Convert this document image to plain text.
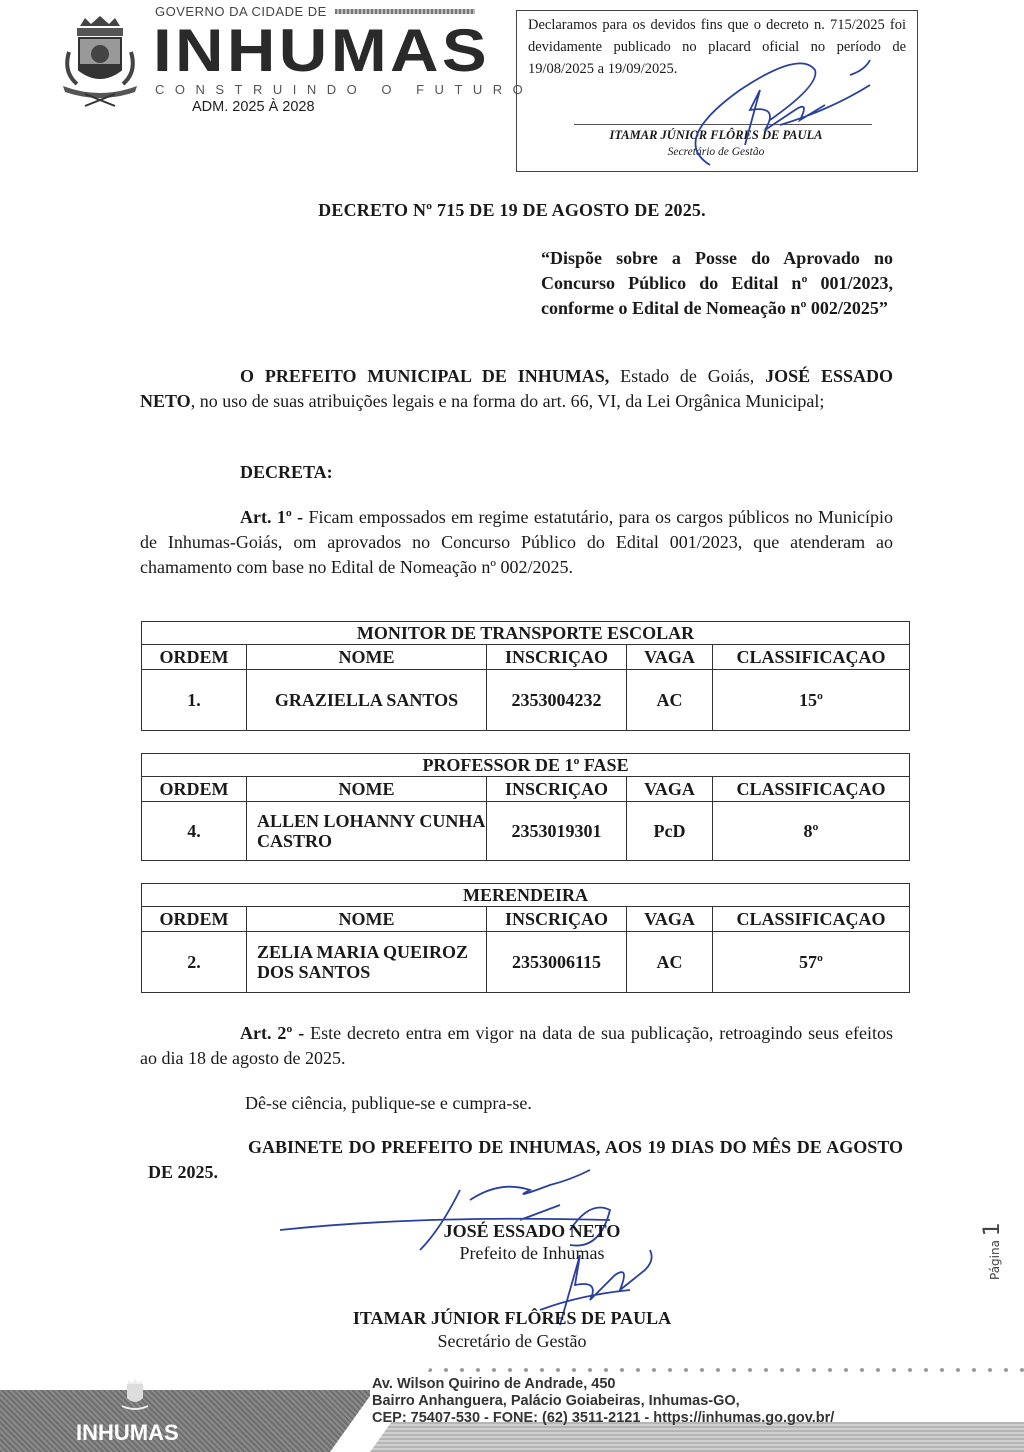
GOVERNO DA CIDADE DE
INHUMAS
CONSTRUINDO O FUTURO
ADM. 2025 À 2028
Declaramos para os devidos fins que o decreto n. 715/2025 foi devidamente publicado no placard oficial no período de 19/08/2025 a 19/09/2025.
ITAMAR JÚNIOR FLÔRES DE PAULA
Secretário de Gestão
DECRETO Nº 715 DE 19 DE AGOSTO DE 2025.
“Dispõe sobre a Posse do Aprovado no Concurso Público do Edital nº 001/2023, conforme o Edital de Nomeação nº 002/2025”
O PREFEITO MUNICIPAL DE INHUMAS, Estado de Goiás, JOSÉ ESSADO NETO, no uso de suas atribuições legais e na forma do art. 66, VI, da Lei Orgânica Municipal;
DECRETA:
Art. 1º - Ficam empossados em regime estatutário, para os cargos públicos no Município de Inhumas-Goiás, om aprovados no Concurso Público do Edital 001/2023, que atenderam ao chamamento com base no Edital de Nomeação nº 002/2025.
MONITOR DE TRANSPORTE ESCOLAR				
ORDEM	NOME	INSCRIÇAO	VAGA	CLASSIFICAÇAO
1.	GRAZIELLA SANTOS	2353004232	AC	15º
PROFESSOR DE 1º FASE				
ORDEM	NOME	INSCRIÇAO	VAGA	CLASSIFICAÇAO
4.	ALLEN LOHANNY CUNHA CASTRO	2353019301	PcD	8º
MERENDEIRA				
ORDEM	NOME	INSCRIÇAO	VAGA	CLASSIFICAÇAO
2.	ZELIA MARIA QUEIROZ DOS SANTOS	2353006115	AC	57º
Art. 2º - Este decreto entra em vigor na data de sua publicação, retroagindo seus efeitos ao dia 18 de agosto de 2025.
Dê-se ciência, publique-se e cumpra-se.
GABINETE DO PREFEITO DE INHUMAS, AOS 19 DIAS DO MÊS DE AGOSTO DE 2025.
JOSÉ ESSADO NETO
Prefeito de Inhumas
ITAMAR JÚNIOR FLÔRES DE PAULA
Secretário de Gestão
Página 1
INHUMAS
Av. Wilson Quirino de Andrade, 450
Bairro Anhanguera, Palácio Goiabeiras, Inhumas-GO,
CEP: 75407-530 - FONE: (62) 3511-2121 - https://inhumas.go.gov.br/
